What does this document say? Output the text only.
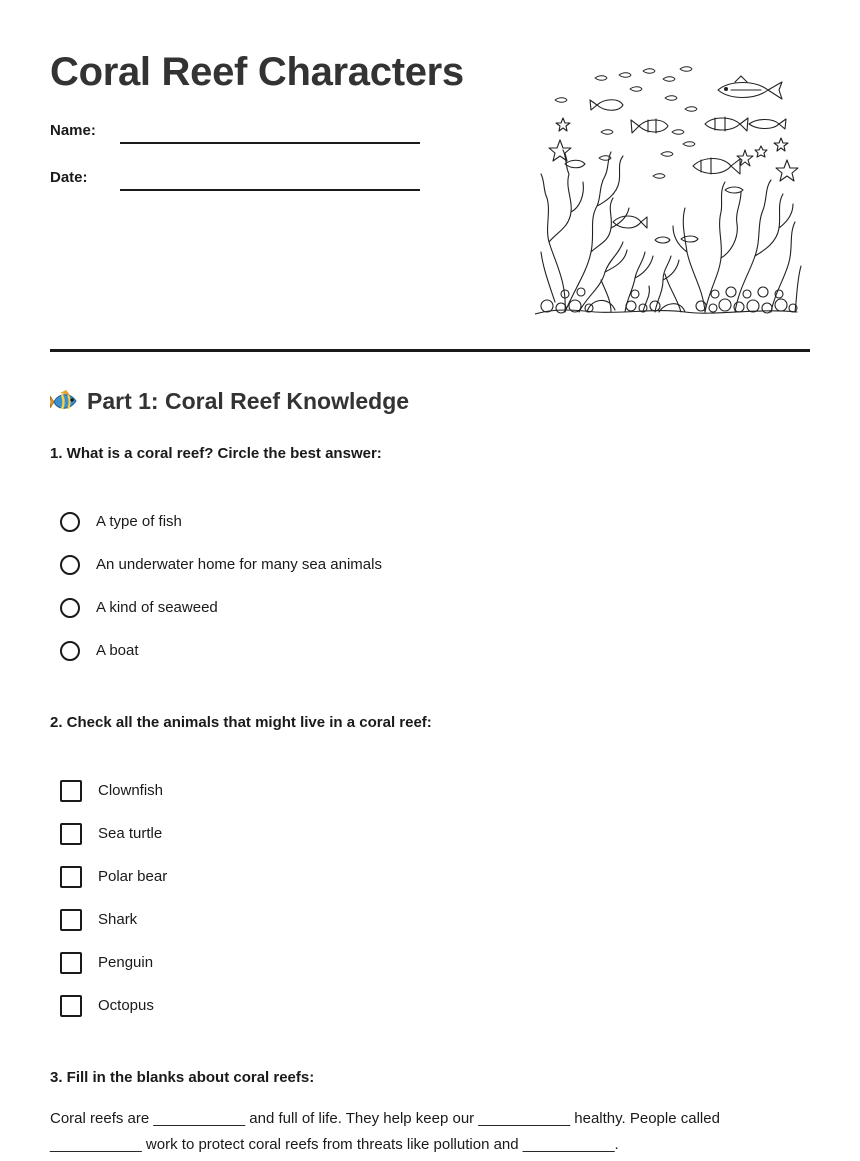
Coral Reef Characters
Name:
Date:
Part 1: Coral Reef Knowledge

1. What is a coral reef? Circle the best answer:

A type of fish
An underwater home for many sea animals
A kind of seaweed
A boat

2. Check all the animals that might live in a coral reef:

Clownfish
Sea turtle
Polar bear
Shark
Penguin
Octopus

3. Fill in the blanks about coral reefs:

Coral reefs are ___________ and full of life. They help keep our ___________ healthy. People called ___________ work to protect coral reefs from threats like pollution and ___________.
